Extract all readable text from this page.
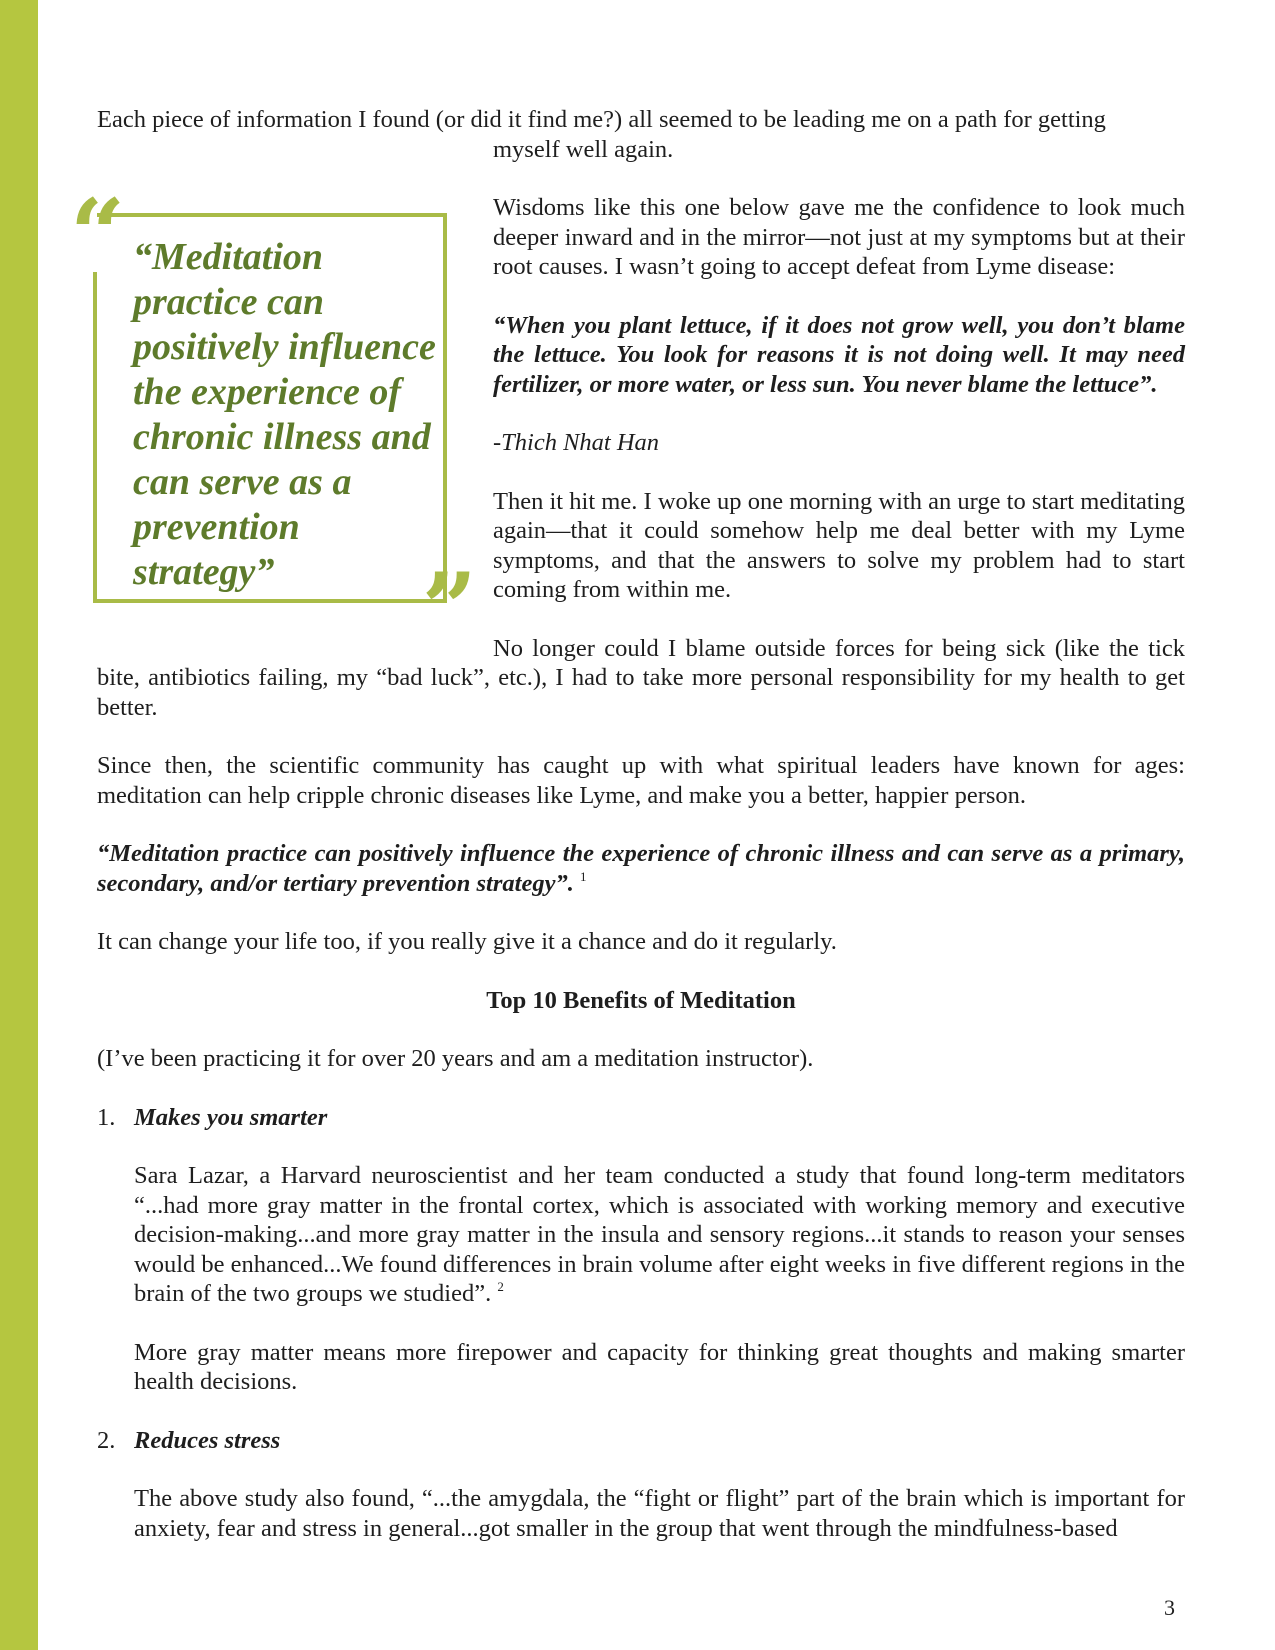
Each piece of information I found (or did it find me?) all seemed to be leading me on a path for getting
myself well again.

“ “Meditation practice can positively influence the experience of chronic illness and can serve as a prevention strategy”	”

Wisdoms like this one below gave me the confidence to look much deeper inward and in the mirror—not just at my symptoms but at their root causes. I wasn’t going to accept defeat from Lyme disease:

“When you plant lettuce, if it does not grow well, you don’t blame the lettuce. You look for reasons it is not doing well. It may need fertilizer, or more water, or less sun. You never blame the lettuce”.

-Thich Nhat Han

Then it hit me. I woke up one morning with an urge to start meditating again—that it could somehow help me deal better with my Lyme symptoms, and that the answers to solve my problem had to start coming from within me.

No longer could I blame outside forces for being sick (like the tick bite, antibiotics failing, my “bad luck”, etc.), I had to take more personal responsibility for my health to get better.

Since then, the scientific community has caught up with what spiritual leaders have known for ages: meditation can help cripple chronic diseases like Lyme, and make you a better, happier person.

“Meditation practice can positively influence the experience of chronic illness and can serve as a primary, secondary, and/or tertiary prevention strategy”. $^1$

It can change your life too, if you really give it a chance and do it regularly.

Top 10 Benefits of Meditation

(I’ve been practicing it for over 20 years and am a meditation instructor).

1. Makes you smarter

Sara Lazar, a Harvard neuroscientist and her team conducted a study that found long-term meditators “...had more gray matter in the frontal cortex, which is associated with working memory and executive decision-making...and more gray matter in the insula and sensory regions...it stands to reason your senses would be enhanced...We found differences in brain volume after eight weeks in five different regions in the brain of the two groups we studied”. $^2$

More gray matter means more firepower and capacity for thinking great thoughts and making smarter health decisions.

2. Reduces stress

The above study also found, “...the amygdala, the “fight or flight” part of the brain which is important for anxiety, fear and stress in general...got smaller in the group that went through the mindfulness-based

3
